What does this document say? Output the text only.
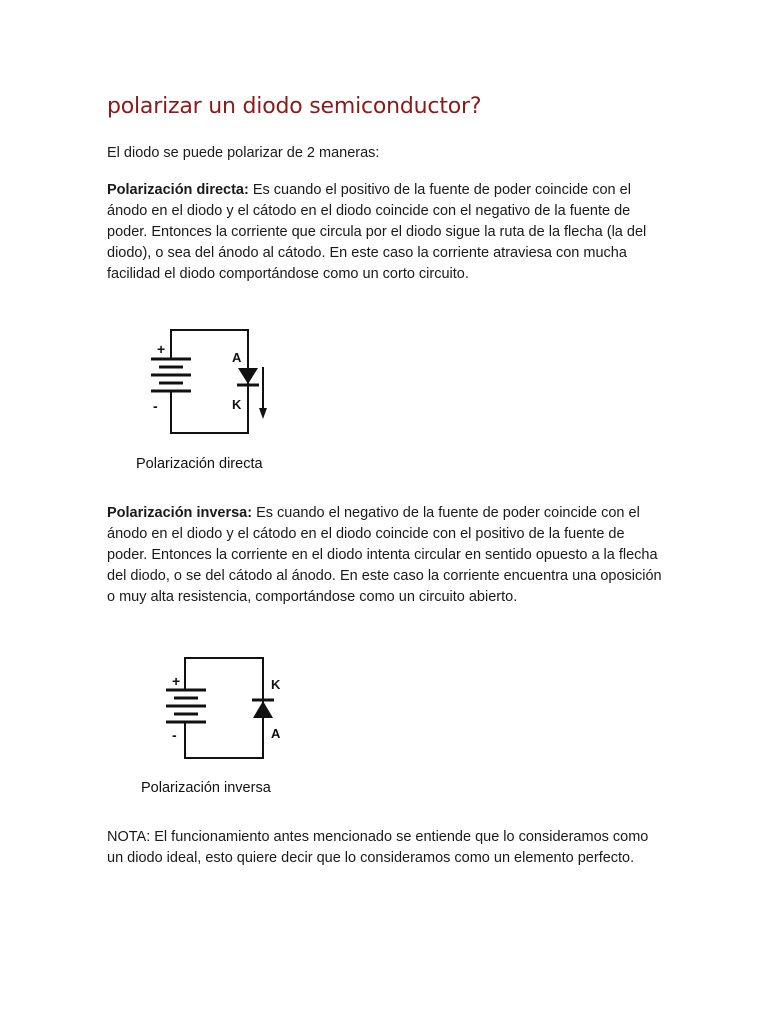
polarizar un diodo semiconductor?

El diodo se puede polarizar de 2 maneras:

Polarización directa: Es cuando el positivo de la fuente de poder coincide con el ánodo en el diodo y el cátodo en el diodo coincide con el negativo de la fuente de poder. Entonces la corriente que circula por el diodo sigue la ruta de la flecha (la del diodo), o sea del ánodo al cátodo. En este caso la corriente atraviesa con mucha facilidad el diodo comportándose como un corto circuito.

+
-
A
K
Polarización directa

Polarización inversa: Es cuando el negativo de la fuente de poder coincide con el ánodo en el diodo y el cátodo en el diodo coincide con el positivo de la fuente de poder. Entonces la corriente en el diodo intenta circular en sentido opuesto a la flecha del diodo, o se del cátodo al ánodo. En este caso la corriente encuentra una oposición o muy alta resistencia, comportándose como un circuito abierto.

+
-
K
A
Polarización inversa

NOTA: El funcionamiento antes mencionado se entiende que lo consideramos como un diodo ideal, esto quiere decir que lo consideramos como un elemento perfecto.
